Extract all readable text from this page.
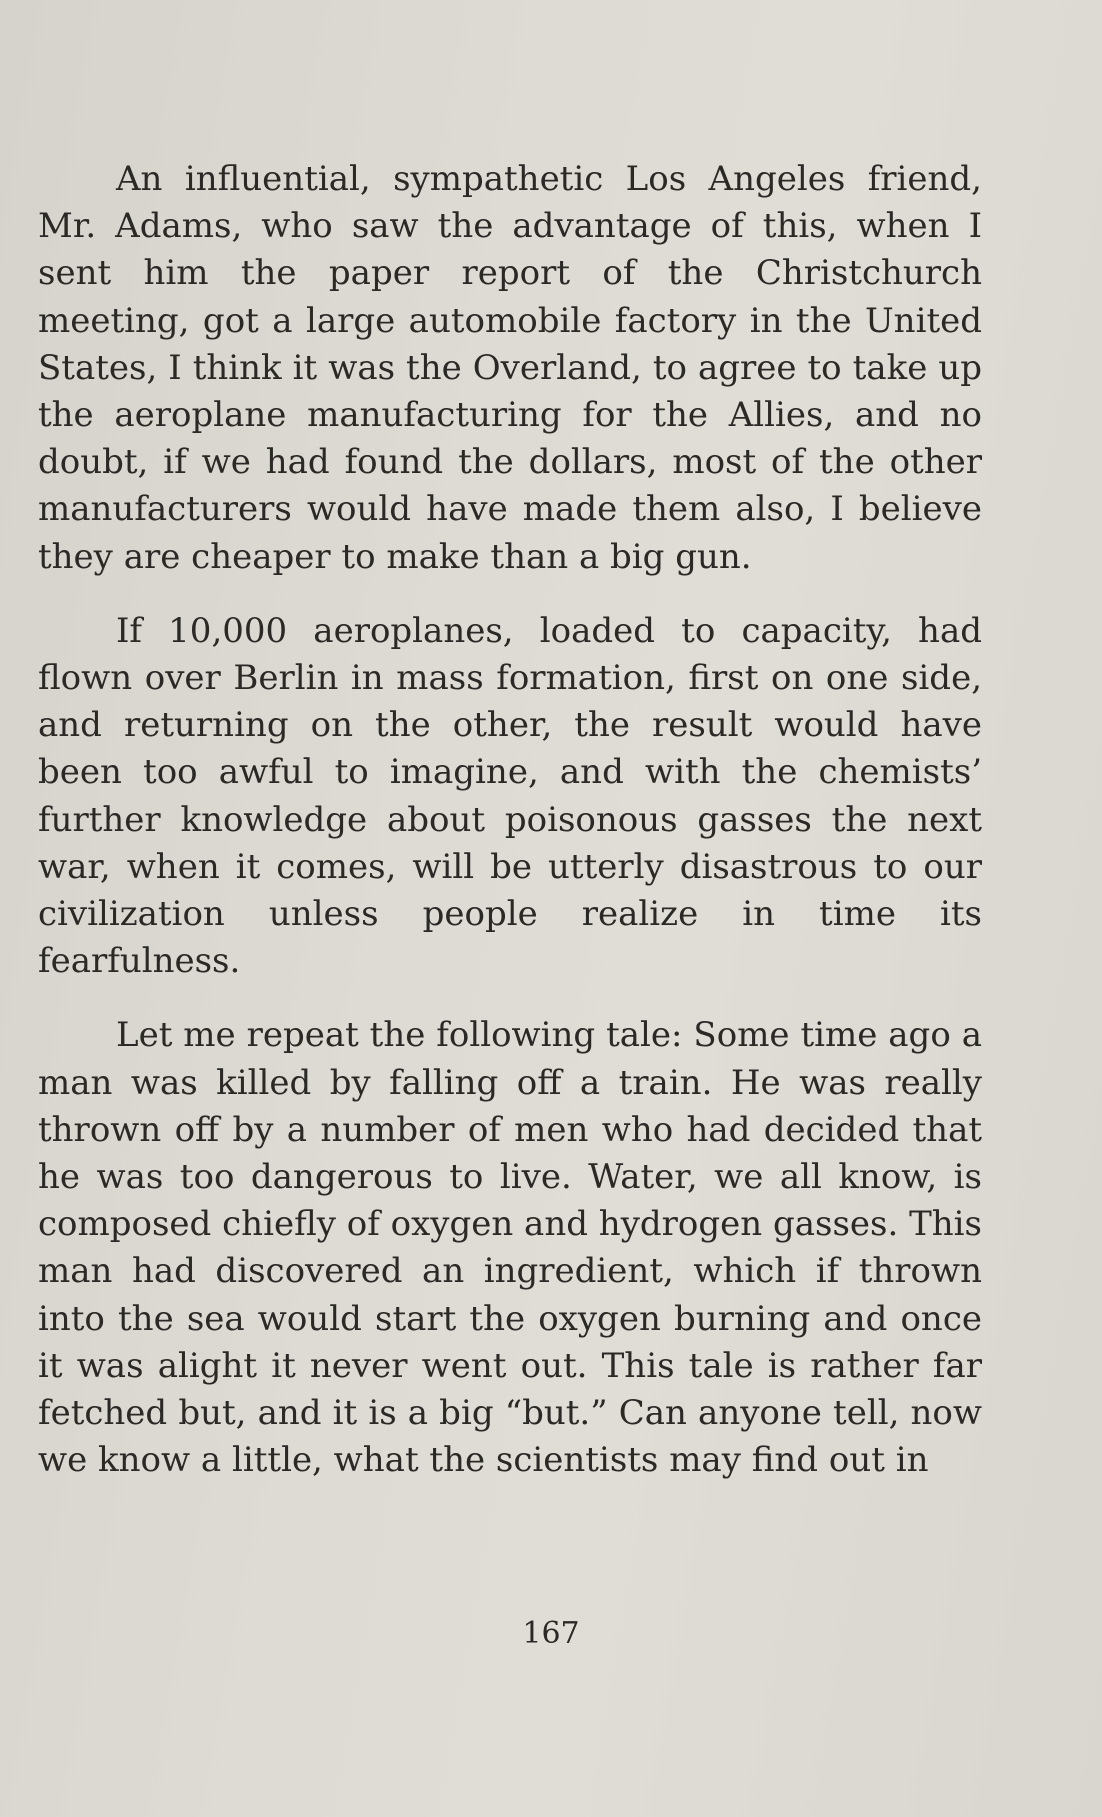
An influential, sympathetic Los Angeles friend, Mr. Adams, who saw the advantage of this, when I sent him the paper report of the Christchurch meeting, got a large automobile factory in the United States, I think it was the Overland, to agree to take up the aeroplane manufacturing for the Allies, and no doubt, if we had found the dollars, most of the other manufacturers would have made them also, I believe they are cheaper to make than a big gun.

If 10,000 aeroplanes, loaded to capacity, had flown over Berlin in mass formation, first on one side, and returning on the other, the result would have been too awful to imagine, and with the chemists’ further knowledge about poisonous gasses the next war, when it comes, will be utterly disastrous to our civilization unless people realize in time its fearfulness.

Let me repeat the following tale: Some time ago a man was killed by falling off a train. He was really thrown off by a number of men who had decided that he was too dangerous to live. Water, we all know, is composed chiefly of oxygen and hydrogen gasses. This man had discovered an ingredient, which if thrown into the sea would start the oxygen burning and once it was alight it never went out. This tale is rather far fetched but, and it is a big “but.” Can anyone tell, now we know a little, what the scientists may find out in

167
